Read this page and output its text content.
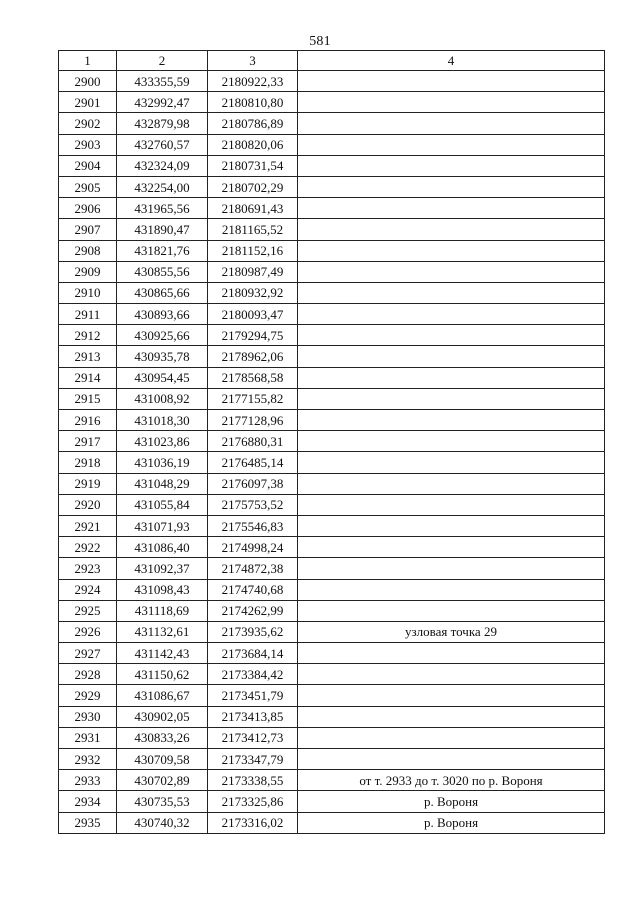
581
1	2	3	4
2900	433355,59	2180922,33	
2901	432992,47	2180810,80	
2902	432879,98	2180786,89	
2903	432760,57	2180820,06	
2904	432324,09	2180731,54	
2905	432254,00	2180702,29	
2906	431965,56	2180691,43	
2907	431890,47	2181165,52	
2908	431821,76	2181152,16	
2909	430855,56	2180987,49	
2910	430865,66	2180932,92	
2911	430893,66	2180093,47	
2912	430925,66	2179294,75	
2913	430935,78	2178962,06	
2914	430954,45	2178568,58	
2915	431008,92	2177155,82	
2916	431018,30	2177128,96	
2917	431023,86	2176880,31	
2918	431036,19	2176485,14	
2919	431048,29	2176097,38	
2920	431055,84	2175753,52	
2921	431071,93	2175546,83	
2922	431086,40	2174998,24	
2923	431092,37	2174872,38	
2924	431098,43	2174740,68	
2925	431118,69	2174262,99	
2926	431132,61	2173935,62	узловая точка 29
2927	431142,43	2173684,14	
2928	431150,62	2173384,42	
2929	431086,67	2173451,79	
2930	430902,05	2173413,85	
2931	430833,26	2173412,73	
2932	430709,58	2173347,79	
2933	430702,89	2173338,55	от т. 2933 до т. 3020 по р. Вороня
2934	430735,53	2173325,86	р. Вороня
2935	430740,32	2173316,02	р. Вороня
